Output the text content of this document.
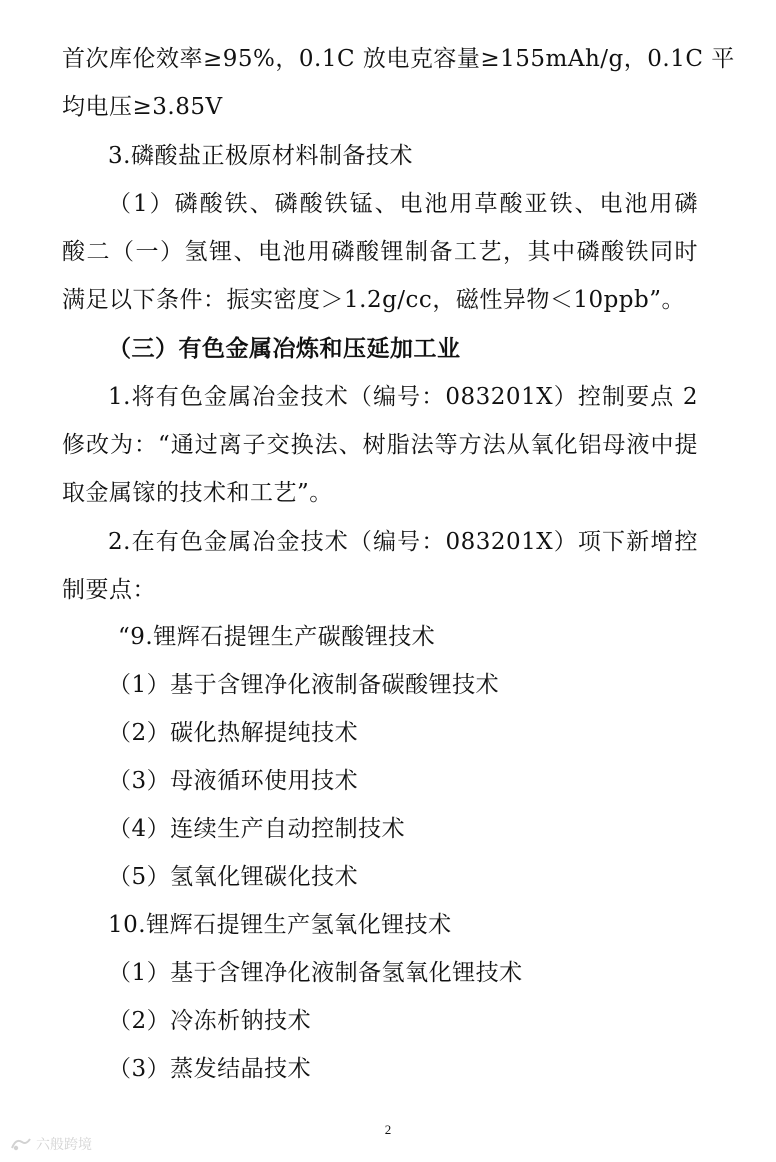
首次库伦效率≥95%，0.1C 放电克容量≥155mAh/g，0.1C 平
均电压≥3.85V
3.磷酸盐正极原材料制备技术
（1）磷酸铁、磷酸铁锰、电池用草酸亚铁、电池用磷
酸二（一）氢锂、电池用磷酸锂制备工艺，其中磷酸铁同时
满足以下条件：振实密度＞1.2g/cc，磁性异物＜10ppb”。
（三）有色金属冶炼和压延加工业
1.将有色金属冶金技术（编号：083201X）控制要点 2
修改为：“通过离子交换法、树脂法等方法从氧化铝母液中提
取金属镓的技术和工艺”。
2.在有色金属冶金技术（编号：083201X）项下新增控
制要点：
“9.锂辉石提锂生产碳酸锂技术
（1）基于含锂净化液制备碳酸锂技术
（2）碳化热解提纯技术
（3）母液循环使用技术
（4）连续生产自动控制技术
（5）氢氧化锂碳化技术
10.锂辉石提锂生产氢氧化锂技术
（1）基于含锂净化液制备氢氧化锂技术
（2）冷冻析钠技术
（3）蒸发结晶技术
2
六般跨境
